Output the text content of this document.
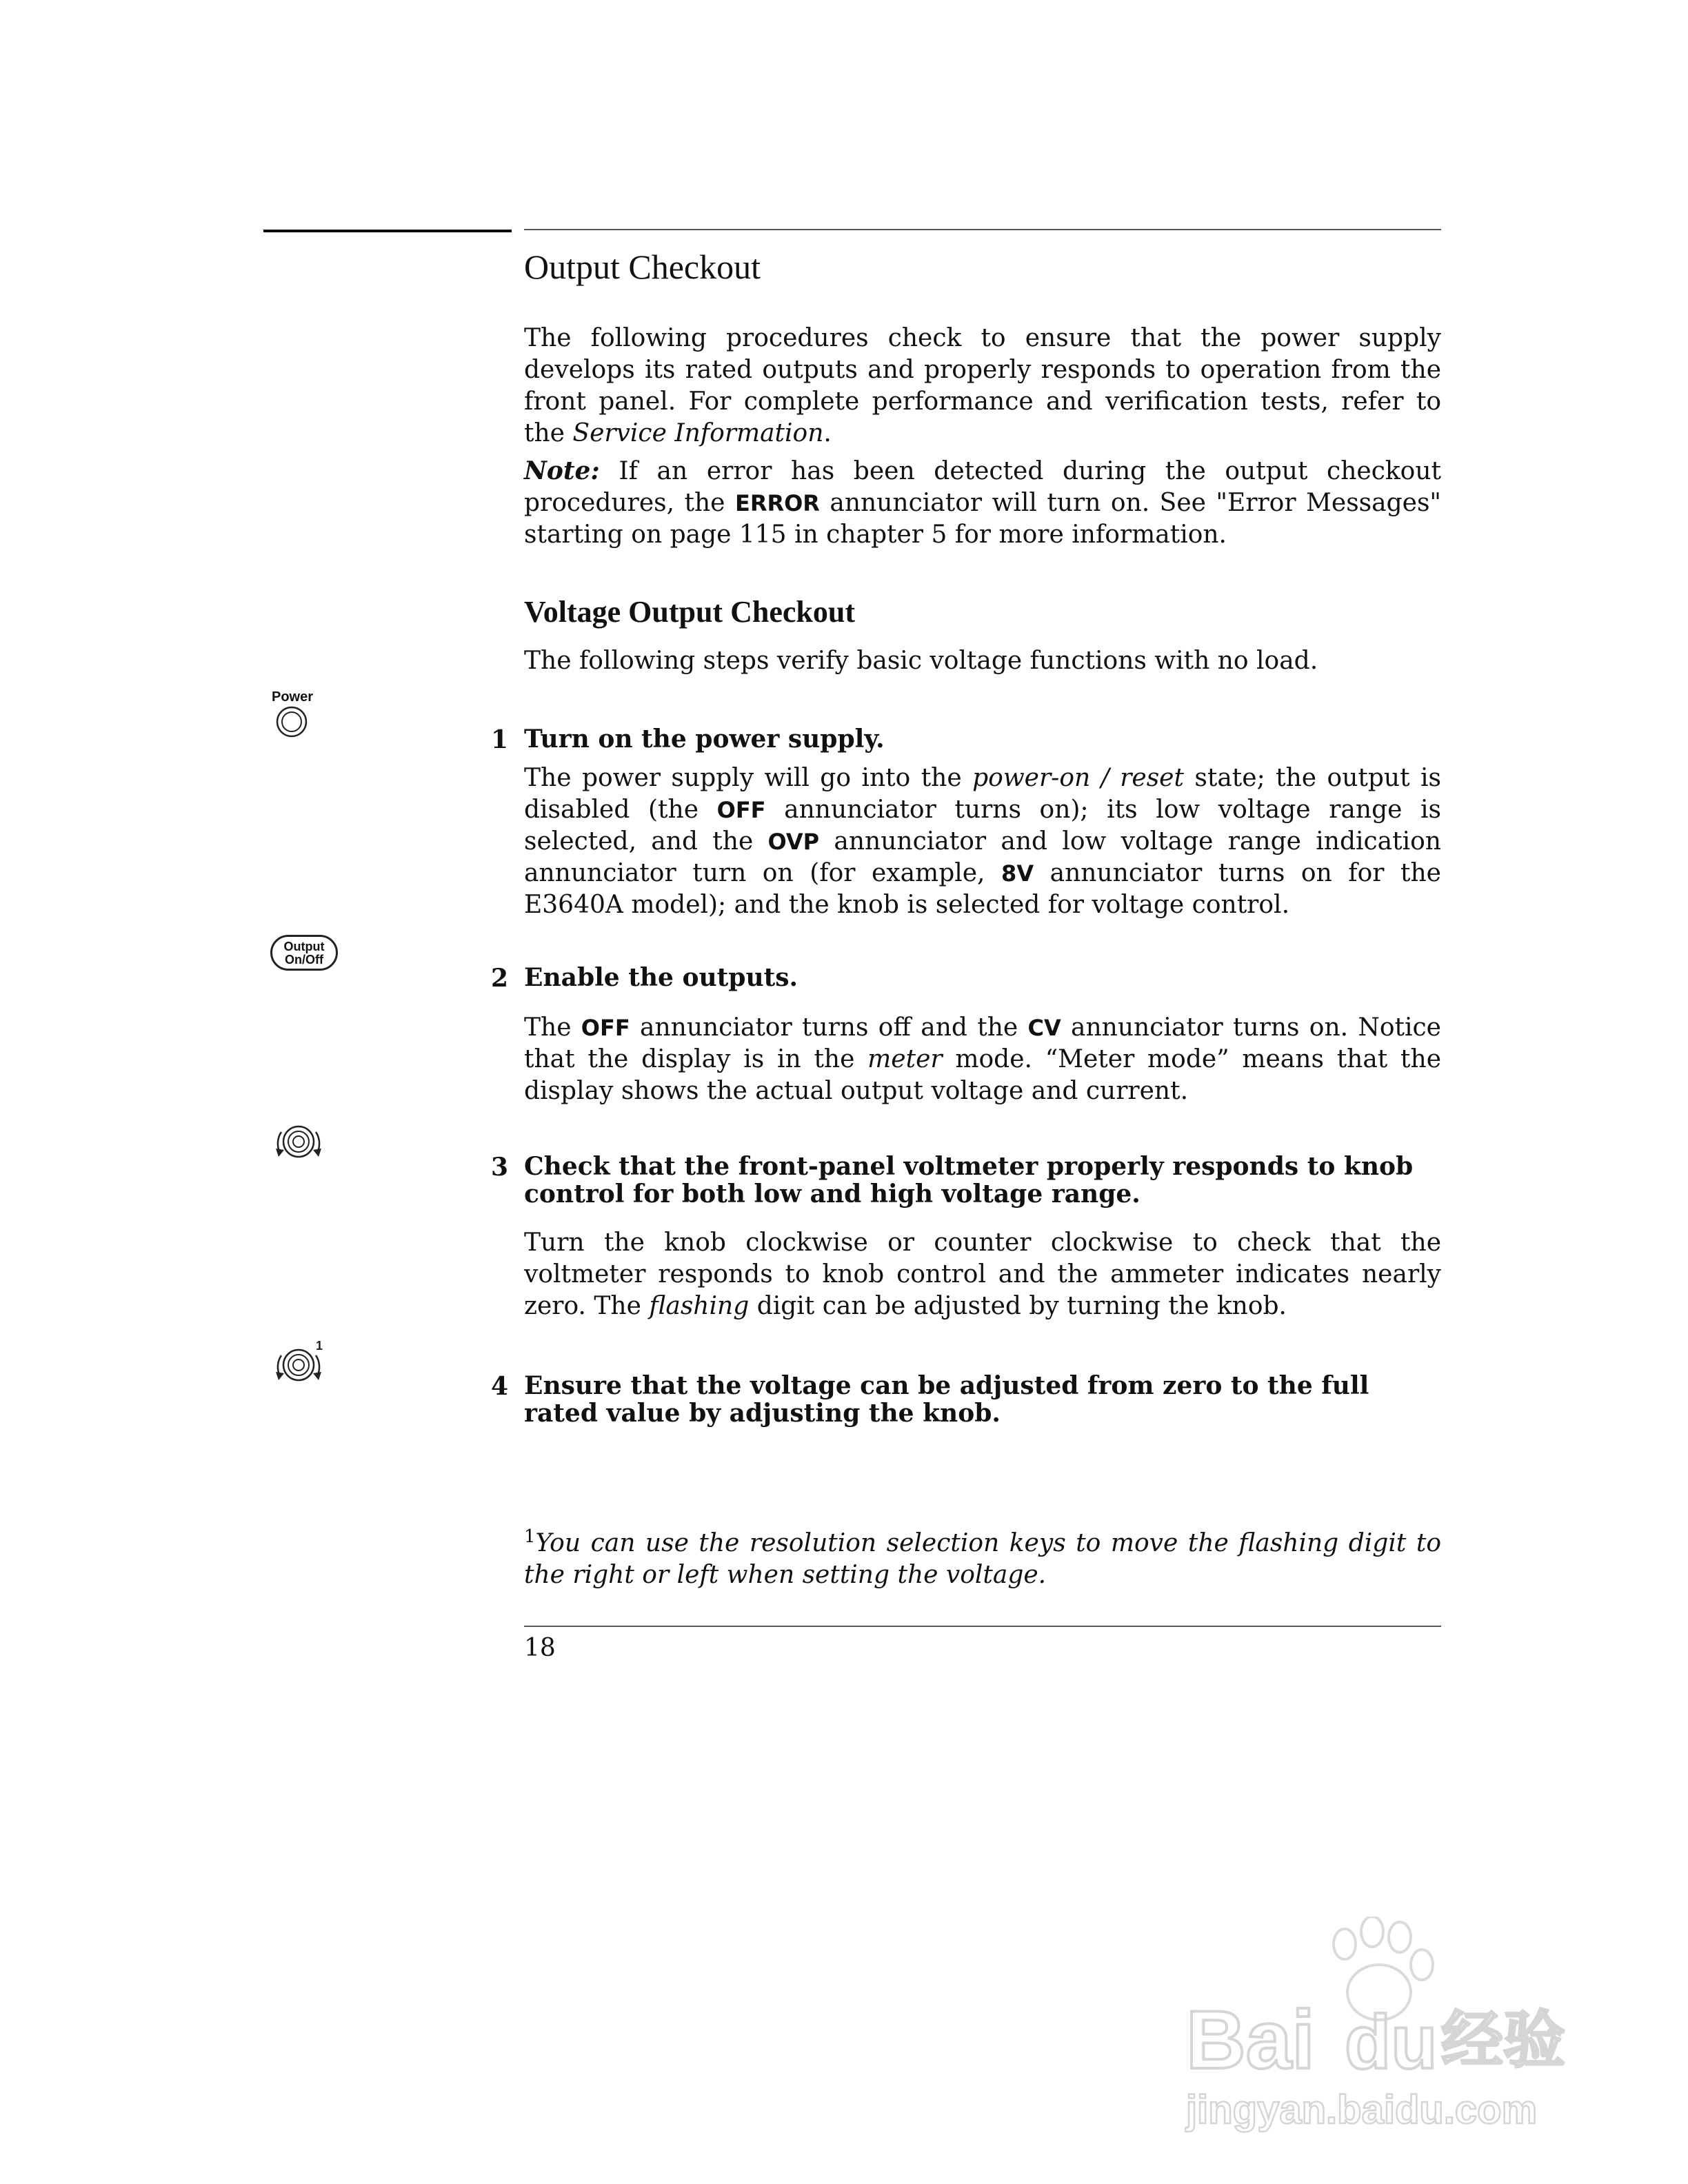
Output Checkout

The following procedures check to ensure that the power supply develops its rated outputs and properly responds to operation from the front panel. For complete performance and verification tests, refer to the Service Information.

Note: If an error has been detected during the output checkout procedures, the ERROR annunciator will turn on. See "Error Messages" starting on page 115 in chapter 5 for more information.

Voltage Output Checkout

The following steps verify basic voltage functions with no load.

Power
1 Turn on the power supply.

The power supply will go into the power-on / reset state; the output is disabled (the OFF annunciator turns on); its low voltage range is selected, and the OVP annunciator and low voltage range indication annunciator turn on (for example, 8V annunciator turns on for the E3640A model); and the knob is selected for voltage control.

Output
On/Off
2 Enable the outputs.

The OFF annunciator turns off and the CV annunciator turns on. Notice that the display is in the meter mode. “Meter mode” means that the display shows the actual output voltage and current.

3 Check that the front-panel voltmeter properly responds to knob control for both low and high voltage range.

Turn the knob clockwise or counter clockwise to check that the voltmeter responds to knob control and the ammeter indicates nearly zero. The flashing digit can be adjusted by turning the knob.

1
4 Ensure that the voltage can be adjusted from zero to the full rated value by adjusting the knob.

$^1$You can use the resolution selection keys to move the flashing digit to the right or left when setting the voltage.

18
Bai du 经验
jingyan.baidu.com
